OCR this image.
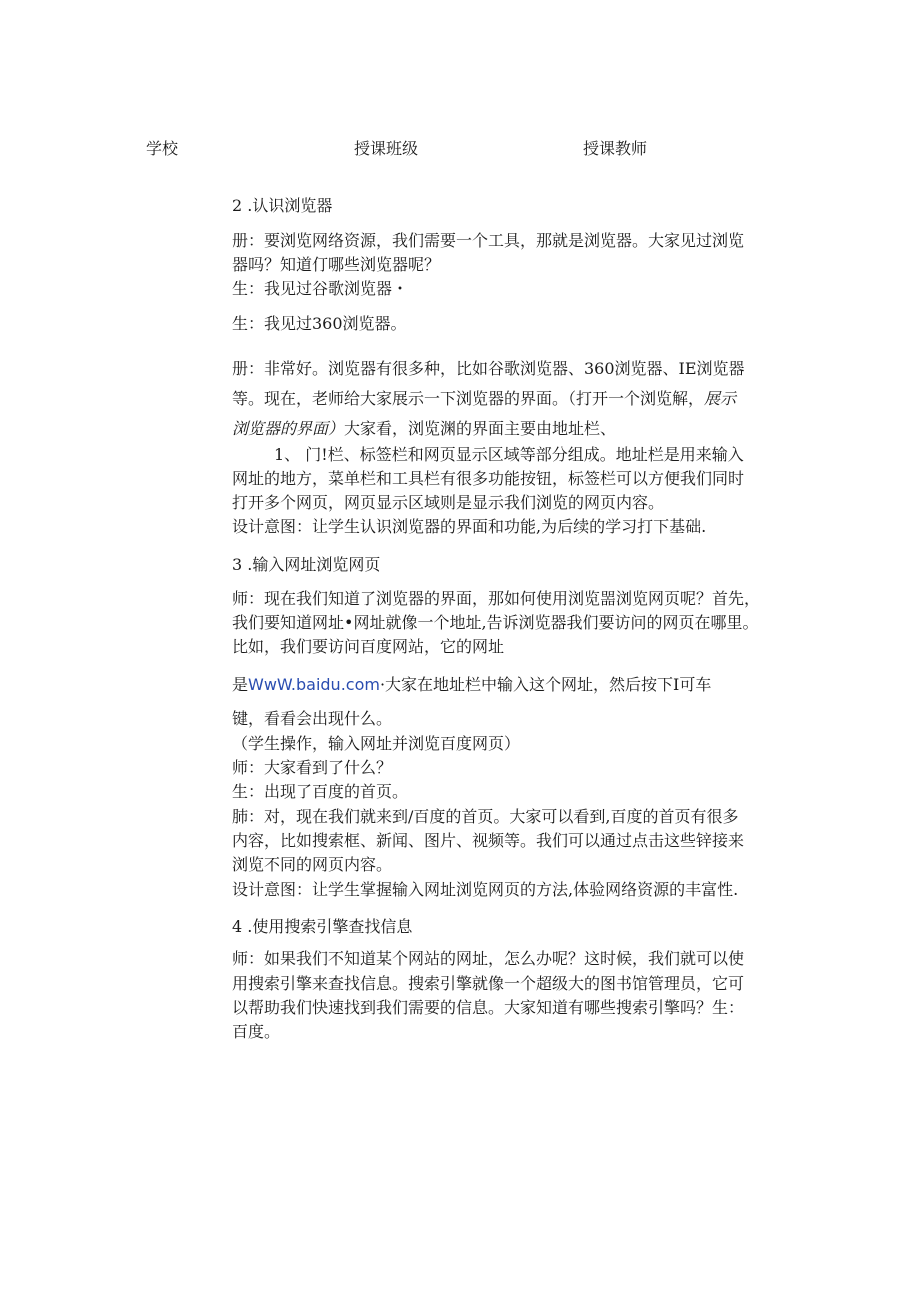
学校	授课班级	授课教师
2 .认识浏览器
册：要浏览网络资源，我们需要一个工具，那就是浏览器。大家见过浏览
器吗？知道仃哪些浏览器呢？
生：我见过谷歌浏览器・
生：我见过360浏览器。
册：非常好。浏览器有很多种，比如谷歌浏览器、360浏览器、IE浏览器
等。现在，老师给大家展示一下浏览器的界面。（打开一个浏览解，展示
浏览器的界面）大家看，浏览渊的界面主要由地址栏、
1、 门!栏、标签栏和网页显示区域等部分组成。地址栏是用来输入
网址的地方，菜单栏和工具栏有很多功能按钮，标签栏可以方便我们同时
打开多个网页，网页显示区域则是显示我们浏览的网页内容。
设计意图：让学生认识浏览器的界面和功能,为后续的学习打下基础.
3 .输入网址浏览网页
师：现在我们知道了浏览器的界面，那如何使用浏览噐浏览网页呢？首先，
我们要知道网址•网址就像一个地址,告诉浏览器我们要访问的网页在哪里。
比如，我们要访问百度网站，它的网址
是WwW.baidu.com·大家在地址栏中输入这个网址，然后按下I可车
键，看看会出现什么。
（学生操作，输入网址并浏览百度网页）
师：大家看到了什么？
生：出现了百度的首页。
肺：对，现在我们就来到/百度的首页。大家可以看到,百度的首页有很多
内容，比如搜索框、新闻、图片、视频等。我们可以通过点击这些锌接来
浏览不同的网页内容。
设计意图：让学生掌握输入网址浏览网页的方法,体验网络资源的丰富性.
4 .使用搜索引擎查找信息
师：如果我们不知道某个网站的网址，怎么办呢？这时候，我们就可以使
用搜索引擎来查找信息。搜索引擎就像一个超级大的图书馆管理员，它可
以帮助我们快速找到我们需要的信息。大家知道有哪些搜索引擎吗？生：
百度。
